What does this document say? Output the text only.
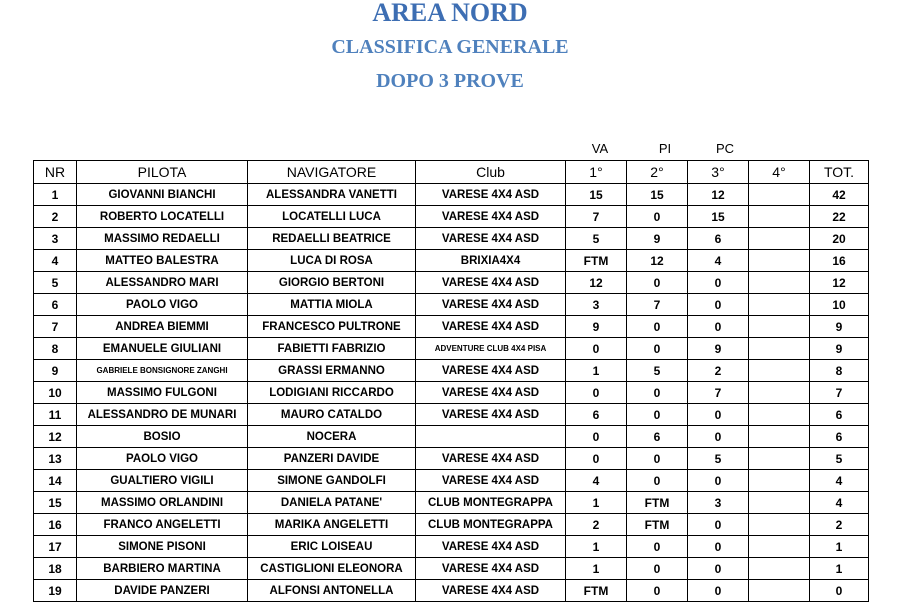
AREA NORD
CLASSIFICA GENERALE
DOPO 3 PROVE
VA	PI	PC
NR	PILOTA	NAVIGATORE	Club	1°	2°	3°	4°	TOT.
1	GIOVANNI BIANCHI	ALESSANDRA VANETTI	VARESE 4X4 ASD	15	15	12		42
2	ROBERTO LOCATELLI	LOCATELLI LUCA	VARESE 4X4 ASD	7	0	15		22
3	MASSIMO REDAELLI	REDAELLI BEATRICE	VARESE 4X4 ASD	5	9	6		20
4	MATTEO BALESTRA	LUCA DI ROSA	BRIXIA4X4	FTM	12	4		16
5	ALESSANDRO MARI	GIORGIO BERTONI	VARESE 4X4 ASD	12	0	0		12
6	PAOLO VIGO	MATTIA MIOLA	VARESE 4X4 ASD	3	7	0		10
7	ANDREA BIEMMI	FRANCESCO PULTRONE	VARESE 4X4 ASD	9	0	0		9
8	EMANUELE GIULIANI	FABIETTI FABRIZIO	ADVENTURE CLUB 4X4 PISA	0	0	9		9
9	GABRIELE BONSIGNORE ZANGHI	GRASSI ERMANNO	VARESE 4X4 ASD	1	5	2		8
10	MASSIMO FULGONI	LODIGIANI RICCARDO	VARESE 4X4 ASD	0	0	7		7
11	ALESSANDRO DE MUNARI	MAURO CATALDO	VARESE 4X4 ASD	6	0	0		6
12	BOSIO	NOCERA		0	6	0		6
13	PAOLO VIGO	PANZERI DAVIDE	VARESE 4X4 ASD	0	0	5		5
14	GUALTIERO VIGILI	SIMONE GANDOLFI	VARESE 4X4 ASD	4	0	0		4
15	MASSIMO ORLANDINI	DANIELA PATANE'	CLUB MONTEGRAPPA	1	FTM	3		4
16	FRANCO ANGELETTI	MARIKA ANGELETTI	CLUB MONTEGRAPPA	2	FTM	0		2
17	SIMONE PISONI	ERIC LOISEAU	VARESE 4X4 ASD	1	0	0		1
18	BARBIERO MARTINA	CASTIGLIONI ELEONORA	VARESE 4X4 ASD	1	0	0		1
19	DAVIDE PANZERI	ALFONSI ANTONELLA	VARESE 4X4 ASD	FTM	0	0		0
